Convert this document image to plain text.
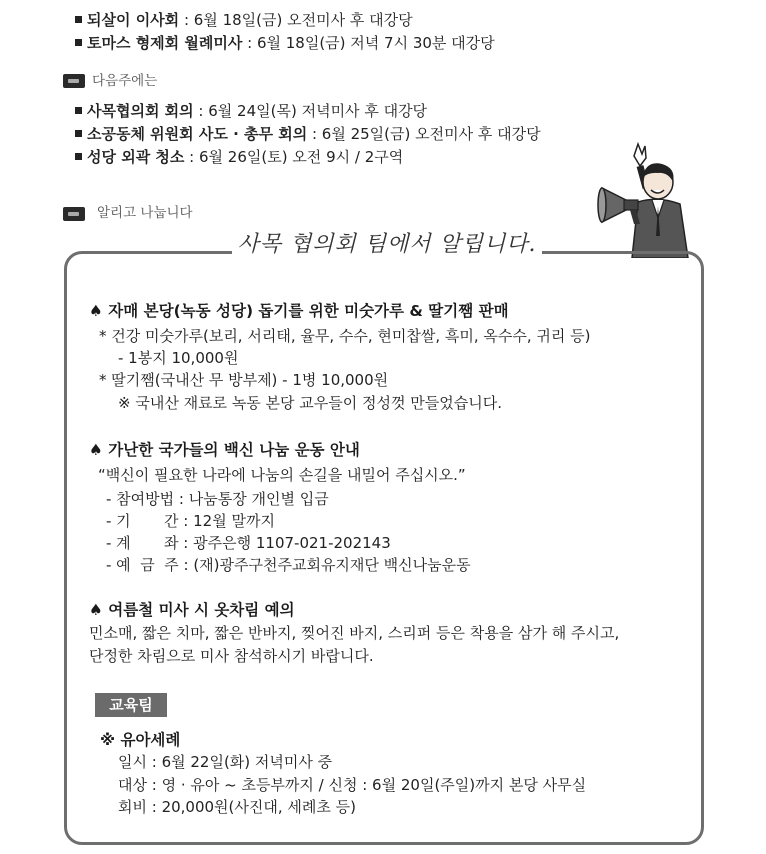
되살이 이사회 : 6월 18일(금) 오전미사 후 대강당
토마스 형제회 월례미사 : 6월 18일(금) 저녁 7시 30분 대강당
다음주에는
사목협의회 회의 : 6월 24일(목) 저녁미사 후 대강당
소공동체 위원회 사도 · 총무 회의 : 6월 25일(금) 오전미사 후 대강당
성당 외곽 청소 : 6월 26일(토) 오전 9시 / 2구역
알리고 나눕니다
사목 협의회 팀에서 알립니다.
♠ 자매 본당(녹동 성당) 돕기를 위한 미숫가루 & 딸기쨈 판매
* 건강 미숫가루(보리, 서리태, 율무, 수수, 현미찹쌀, 흑미, 옥수수, 귀리 등)
- 1봉지 10,000원
* 딸기쨈(국내산 무 방부제) - 1병 10,000원
※ 국내산 재료로 녹동 본당 교우들이 정성껏 만들었습니다.
♠ 가난한 국가들의 백신 나눔 운동 안내
“백신이 필요한 나라에 나눔의 손길을 내밀어 주십시오.”
- 참여방법 : 나눔통장 개인별 입금
- 기       간 : 12월 말까지
- 계       좌 : 광주은행 1107-021-202143
- 예  금  주 : (재)광주구천주교회유지재단 백신나눔운동
♠ 여름철 미사 시 옷차림 예의
민소매, 짧은 치마, 짧은 반바지, 찢어진 바지, 스리퍼 등은 착용을 삼가 해 주시고,
단정한 차림으로 미사 참석하시기 바랍니다.
교육팀
※ 유아세례
일시 : 6월 22일(화) 저녁미사 중
대상 : 영 · 유아 ~ 초등부까지 / 신청 : 6월 20일(주일)까지 본당 사무실
회비 : 20,000원(사진대, 세례초 등)
